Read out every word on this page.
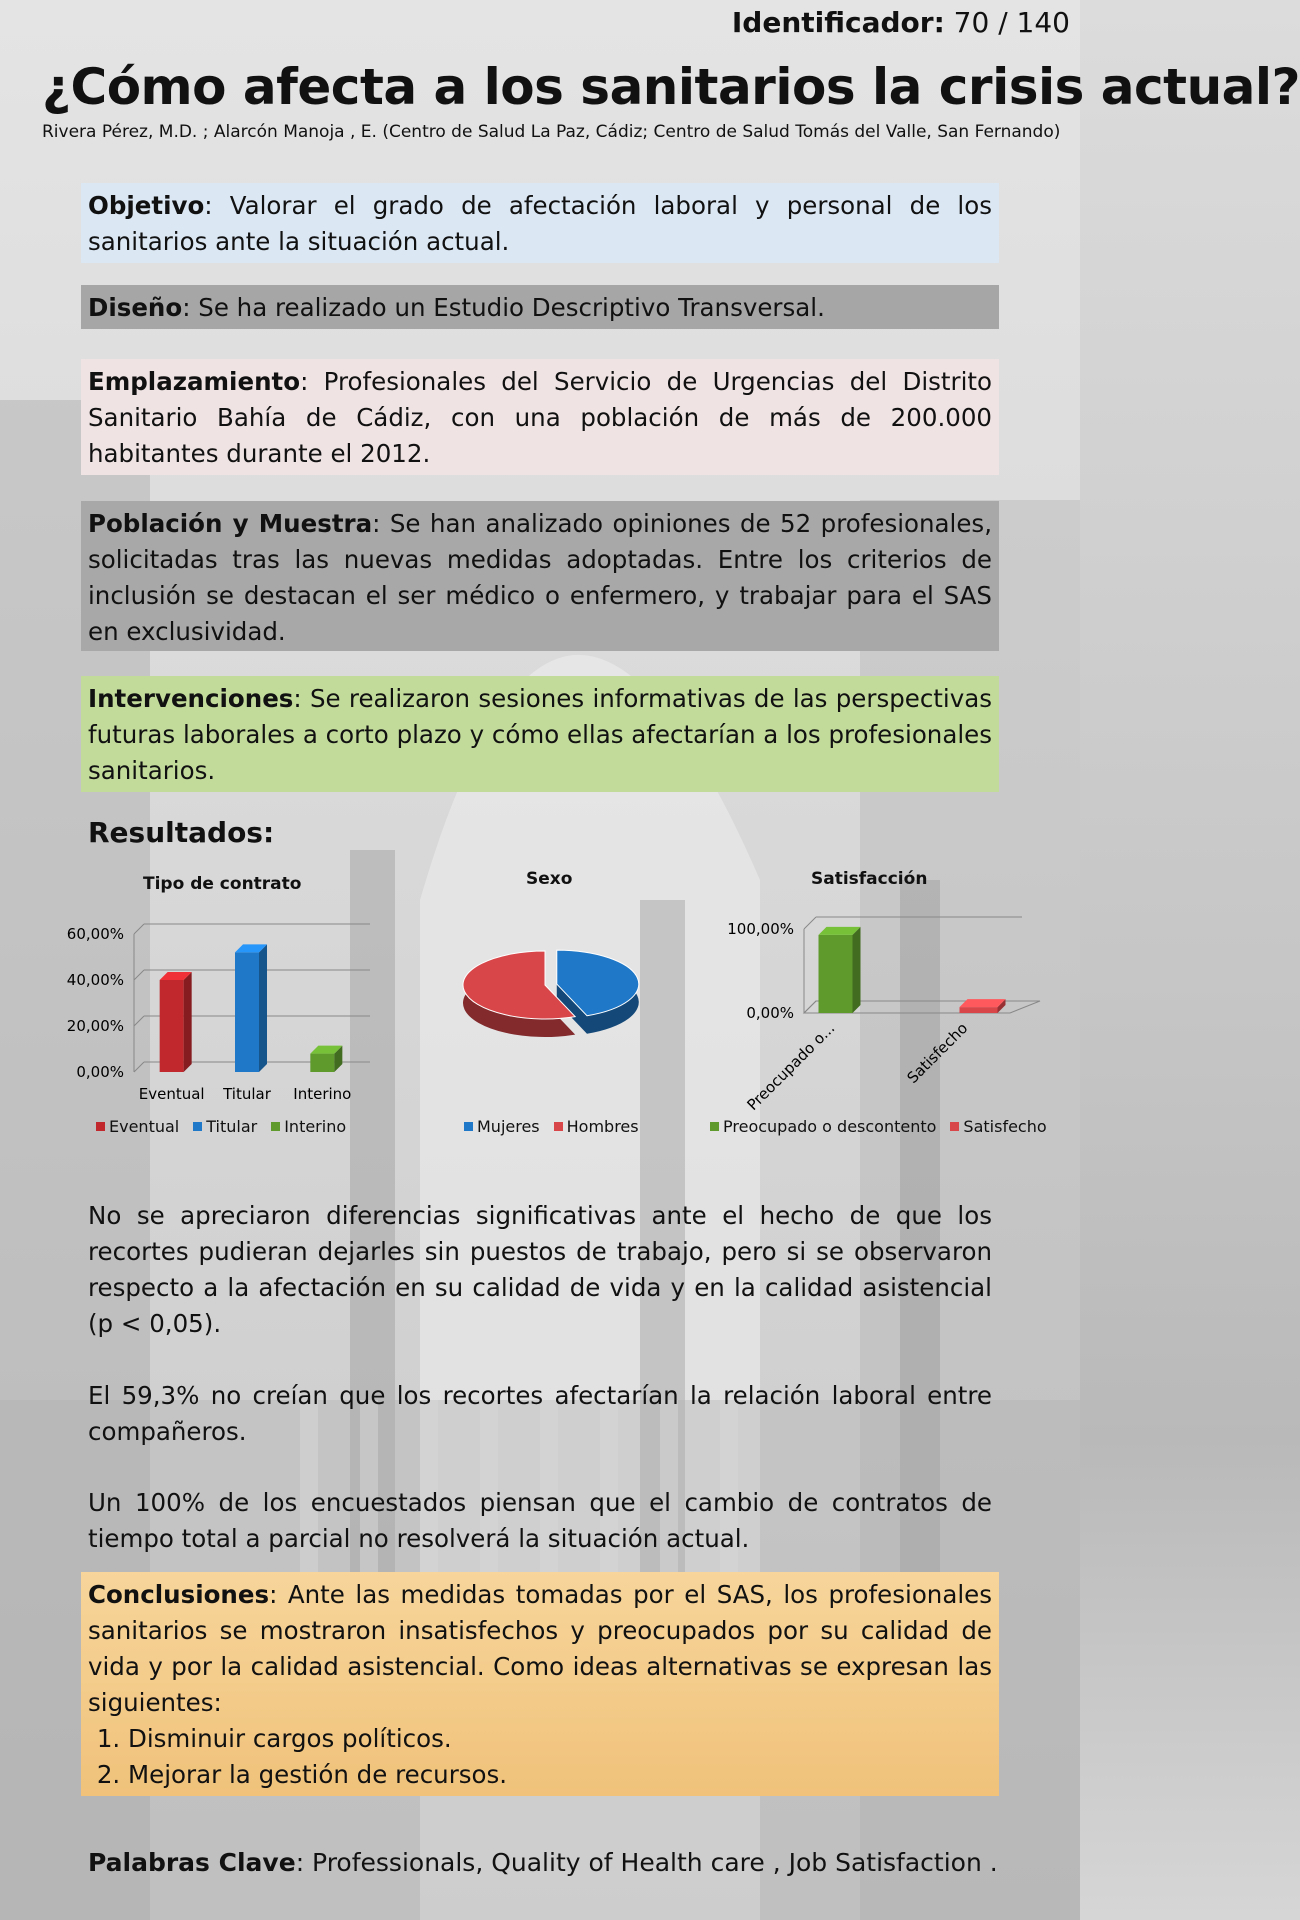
Identificador: 70 / 140
¿Cómo afecta a los sanitarios la crisis actual?
Rivera Pérez, M.D. ; Alarcón Manoja , E. (Centro de Salud La Paz, Cádiz; Centro de Salud Tomás del Valle, San Fernando)
Objetivo: Valorar el grado de afectación laboral y personal de los sanitarios ante la situación actual.
Diseño: Se ha realizado un Estudio Descriptivo Transversal.
Emplazamiento: Profesionales del Servicio de Urgencias del Distrito Sanitario Bahía de Cádiz, con una población de más de 200.000 habitantes durante el 2012.
Población y Muestra: Se han analizado opiniones de 52 profesionales, solicitadas tras las nuevas medidas adoptadas. Entre los criterios de inclusión se destacan el ser médico o enfermero, y trabajar para el SAS en exclusividad.
Intervenciones: Se realizaron sesiones informativas de las perspectivas futuras laborales a corto plazo y cómo ellas afectarían a los profesionales sanitarios.
Resultados:
Tipo de contrato
0,00%
20,00%
40,00%
60,00%
Eventual Titular Interino
Eventual Titular Interino
Sexo
Mujeres Hombres
Satisfacción
0,00%
100,00%
Preocupado o...	Satisfecho
Preocupado o descontento Satisfecho
No se apreciaron diferencias significativas ante el hecho de que los recortes pudieran dejarles sin puestos de trabajo, pero si se observaron respecto a la afectación en su calidad de vida y en la calidad asistencial (p < 0,05).
El 59,3% no creían que los recortes afectarían la relación laboral entre compañeros.
Un 100% de los encuestados piensan que el cambio de contratos de tiempo total a parcial no resolverá la situación actual.
Conclusiones: Ante las medidas tomadas por el SAS, los profesionales sanitarios se mostraron insatisfechos y preocupados por su calidad de vida y por la calidad asistencial. Como ideas alternativas se expresan las siguientes:
1. Disminuir cargos políticos.
2. Mejorar la gestión de recursos.
Palabras Clave: Professionals, Quality of Health care , Job Satisfaction .
